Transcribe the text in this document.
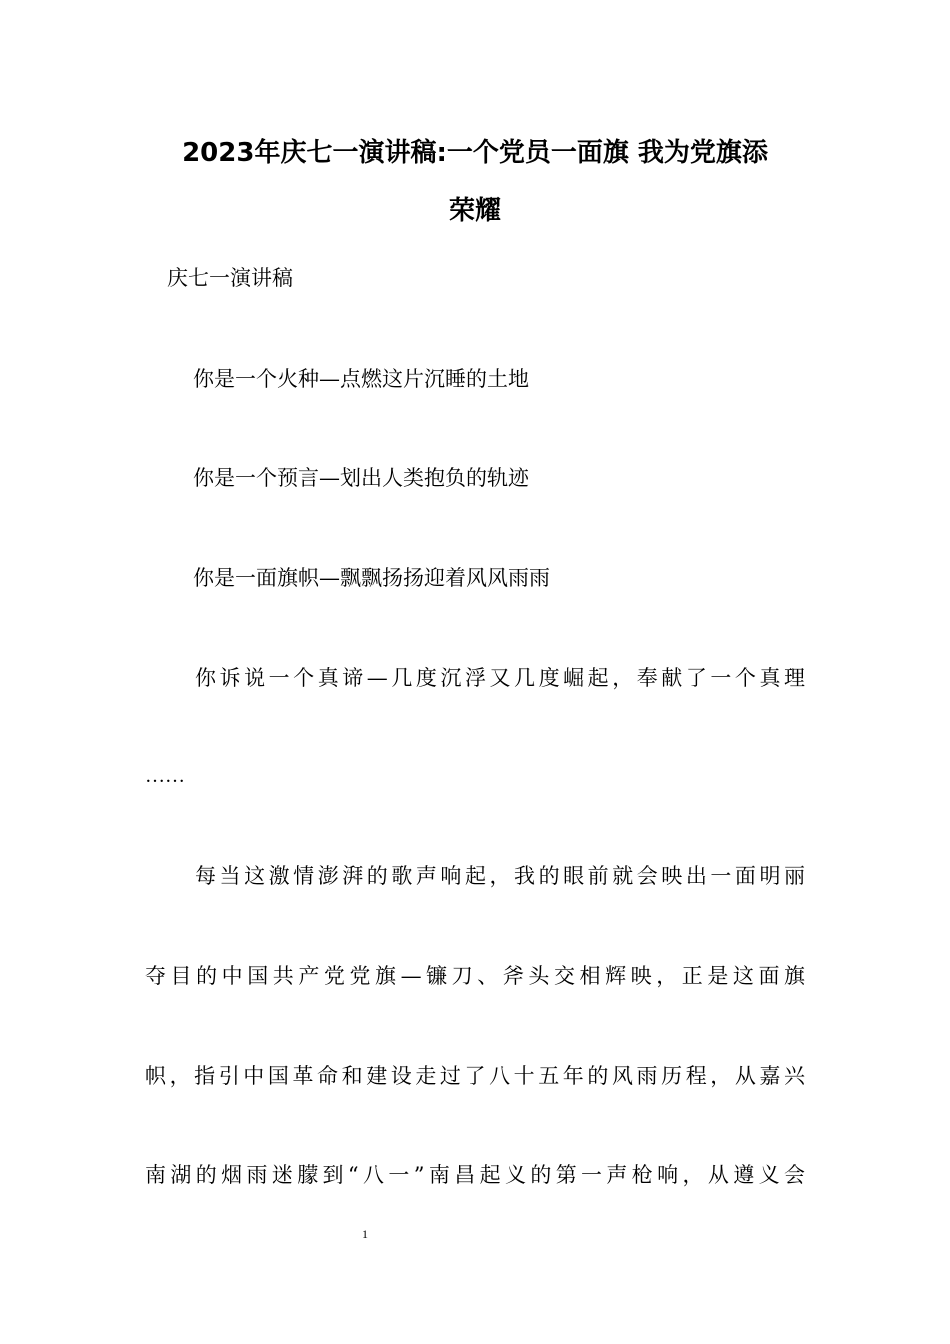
2023年庆七一演讲稿:一个党员一面旗 我为党旗添
荣耀
庆七一演讲稿
你是一个火种—点燃这片沉睡的土地
你是一个预言—划出人类抱负的轨迹
你是一面旗帜—飘飘扬扬迎着风风雨雨
你诉说一个真谛—几度沉浮又几度崛起，奉献了一个真理
……
每当这激情澎湃的歌声响起，我的眼前就会映出一面明丽
夺目的中国共产党党旗—镰刀、斧头交相辉映，正是这面旗
帜，指引中国革命和建设走过了八十五年的风雨历程，从嘉兴
南湖的烟雨迷朦到“八一”南昌起义的第一声枪响，从遵义会
1
